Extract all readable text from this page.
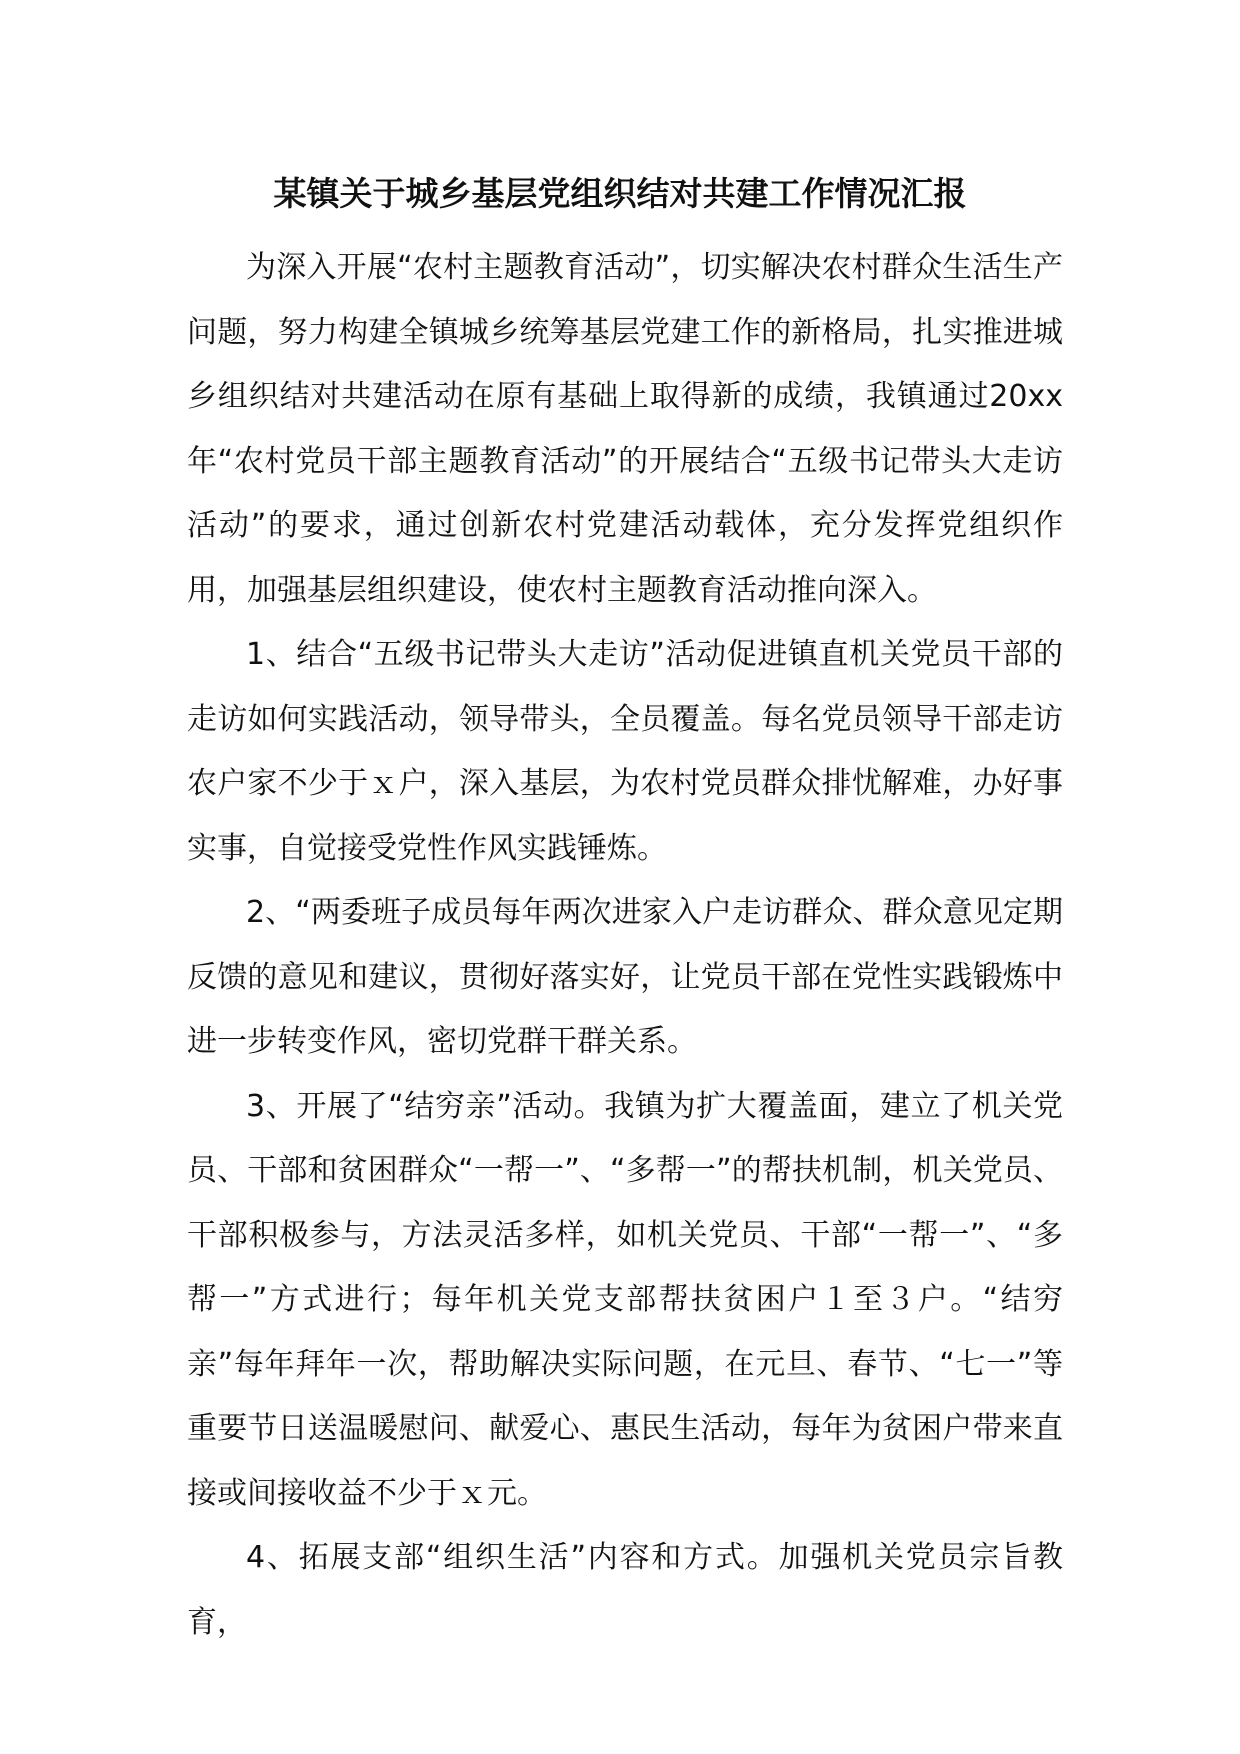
某镇关于城乡基层党组织结对共建工作情况汇报

为深入开展“农村主题教育活动”，切实解决农村群众生活生产问题，努力构建全镇城乡统筹基层党建工作的新格局，扎实推进城乡组织结对共建活动在原有基础上取得新的成绩，我镇通过20xx年“农村党员干部主题教育活动”的开展结合“五级书记带头大走访活动”的要求，通过创新农村党建活动载体，充分发挥党组织作用，加强基层组织建设，使农村主题教育活动推向深入。

1、结合“五级书记带头大走访”活动促进镇直机关党员干部的走访如何实践活动，领导带头，全员覆盖。每名党员领导干部走访农户家不少于ｘ户，深入基层，为农村党员群众排忧解难，办好事实事，自觉接受党性作风实践锤炼。

2、“两委班子成员每年两次进家入户走访群众、群众意见定期反馈的意见和建议，贯彻好落实好，让党员干部在党性实践锻炼中进一步转变作风，密切党群干群关系。

3、开展了“结穷亲”活动。我镇为扩大覆盖面，建立了机关党员、干部和贫困群众“一帮一”、“多帮一”的帮扶机制，机关党员、干部积极参与，方法灵活多样，如机关党员、干部“一帮一”、“多帮一”方式进行；每年机关党支部帮扶贫困户１至３户。“结穷亲”每年拜年一次，帮助解决实际问题，在元旦、春节、“七一”等重要节日送温暖慰问、献爱心、惠民生活动，每年为贫困户带来直接或间接收益不少于ｘ元。

4、拓展支部“组织生活”内容和方式。加强机关党员宗旨教育，
